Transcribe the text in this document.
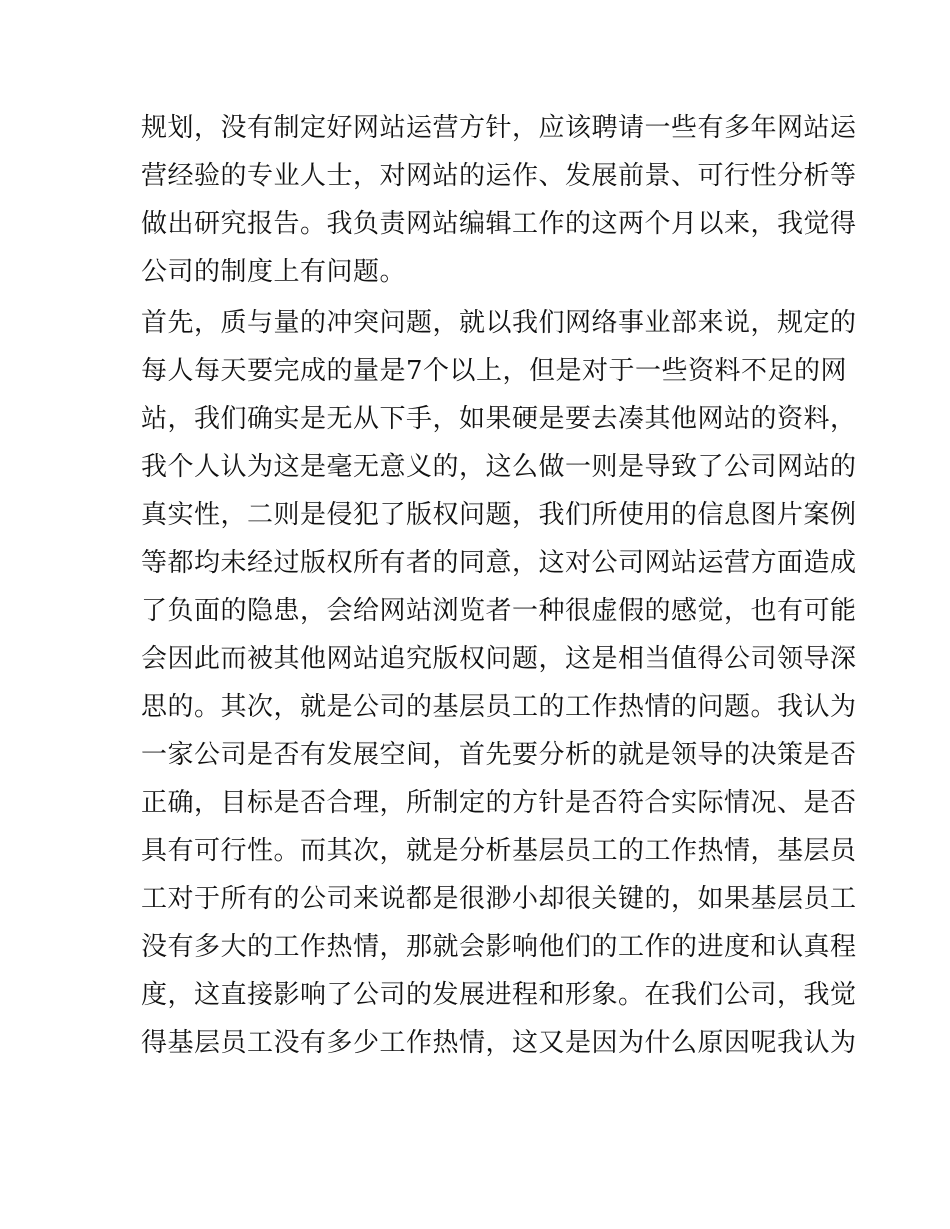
规划，没有制定好网站运营方针，应该聘请一些有多年网站运
营经验的专业人士，对网站的运作、发展前景、可行性分析等
做出研究报告。我负责网站编辑工作的这两个月以来，我觉得
公司的制度上有问题。
首先，质与量的冲突问题，就以我们网络事业部来说，规定的
每人每天要完成的量是7个以上，但是对于一些资料不足的网
站，我们确实是无从下手，如果硬是要去凑其他网站的资料，
我个人认为这是毫无意义的，这么做一则是导致了公司网站的
真实性，二则是侵犯了版权问题，我们所使用的信息图片案例
等都均未经过版权所有者的同意，这对公司网站运营方面造成
了负面的隐患，会给网站浏览者一种很虚假的感觉，也有可能
会因此而被其他网站追究版权问题，这是相当值得公司领导深
思的。其次，就是公司的基层员工的工作热情的问题。我认为
一家公司是否有发展空间，首先要分析的就是领导的决策是否
正确，目标是否合理，所制定的方针是否符合实际情况、是否
具有可行性。而其次，就是分析基层员工的工作热情，基层员
工对于所有的公司来说都是很渺小却很关键的，如果基层员工
没有多大的工作热情，那就会影响他们的工作的进度和认真程
度，这直接影响了公司的发展进程和形象。在我们公司，我觉
得基层员工没有多少工作热情，这又是因为什么原因呢我认为
